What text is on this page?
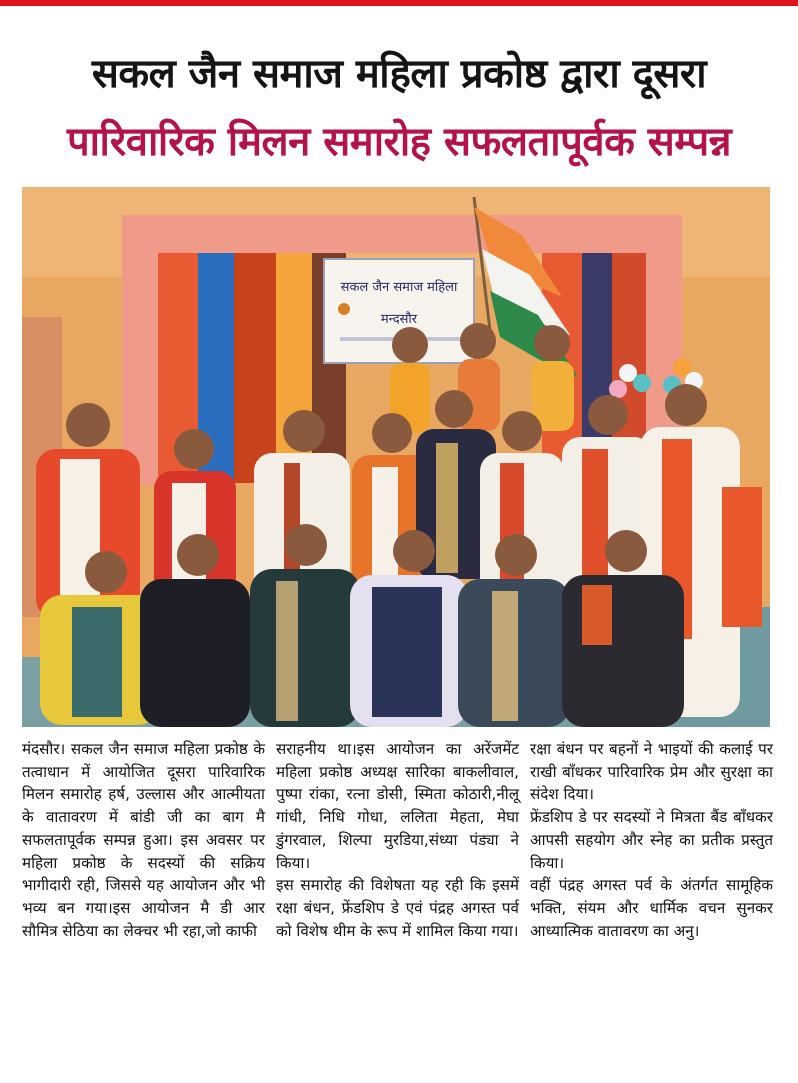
सकल जैन समाज महिला प्रकोष्ठ द्वारा दूसरा
पारिवारिक मिलन समारोह सफलतापूर्वक सम्पन्न
सकल जैन समाज महिला
मन्दसौर

मंदसौर। सकल जैन समाज महिला प्रकोष्ठ के तत्वाधान में आयोजित दूसरा पारिवारिक मिलन समारोह हर्ष, उल्लास और आत्मीयता के वातावरण में बांडी जी का बाग मै सफलतापूर्वक सम्पन्न हुआ। इस अवसर पर महिला प्रकोष्ठ के सदस्यों की सक्रिय भागीदारी रही, जिससे यह आयोजन और भी भव्य बन गया।इस आयोजन मै डी आर सौमित्र सेठिया का लेक्चर भी रहा,जो काफी

सराहनीय था।इस आयोजन का अरेंजमेंट महिला प्रकोष्ठ अध्यक्ष सारिका बाकलीवाल, पुष्पा रांका, रत्ना डोसी, स्मिता कोठारी,नीलू गांधी, निधि गोधा, ललिता मेहता, मेघा डुंगरवाल, शिल्पा मुरडिया,संध्या पंड्या ने किया।

इस समारोह की विशेषता यह रही कि इसमें रक्षा बंधन, फ्रेंडशिप डे एवं पंद्रह अगस्त पर्व को विशेष थीम के रूप में शामिल किया गया।

रक्षा बंधन पर बहनों ने भाइयों की कलाई पर राखी बाँधकर पारिवारिक प्रेम और सुरक्षा का संदेश दिया।

फ्रेंडशिप डे पर सदस्यों ने मित्रता बैंड बाँधकर आपसी सहयोग और स्नेह का प्रतीक प्रस्तुत किया।

वहीं पंद्रह अगस्त पर्व के अंतर्गत सामूहिक भक्ति, संयम और धार्मिक वचन सुनकर आध्यात्मिक वातावरण का अनु।
